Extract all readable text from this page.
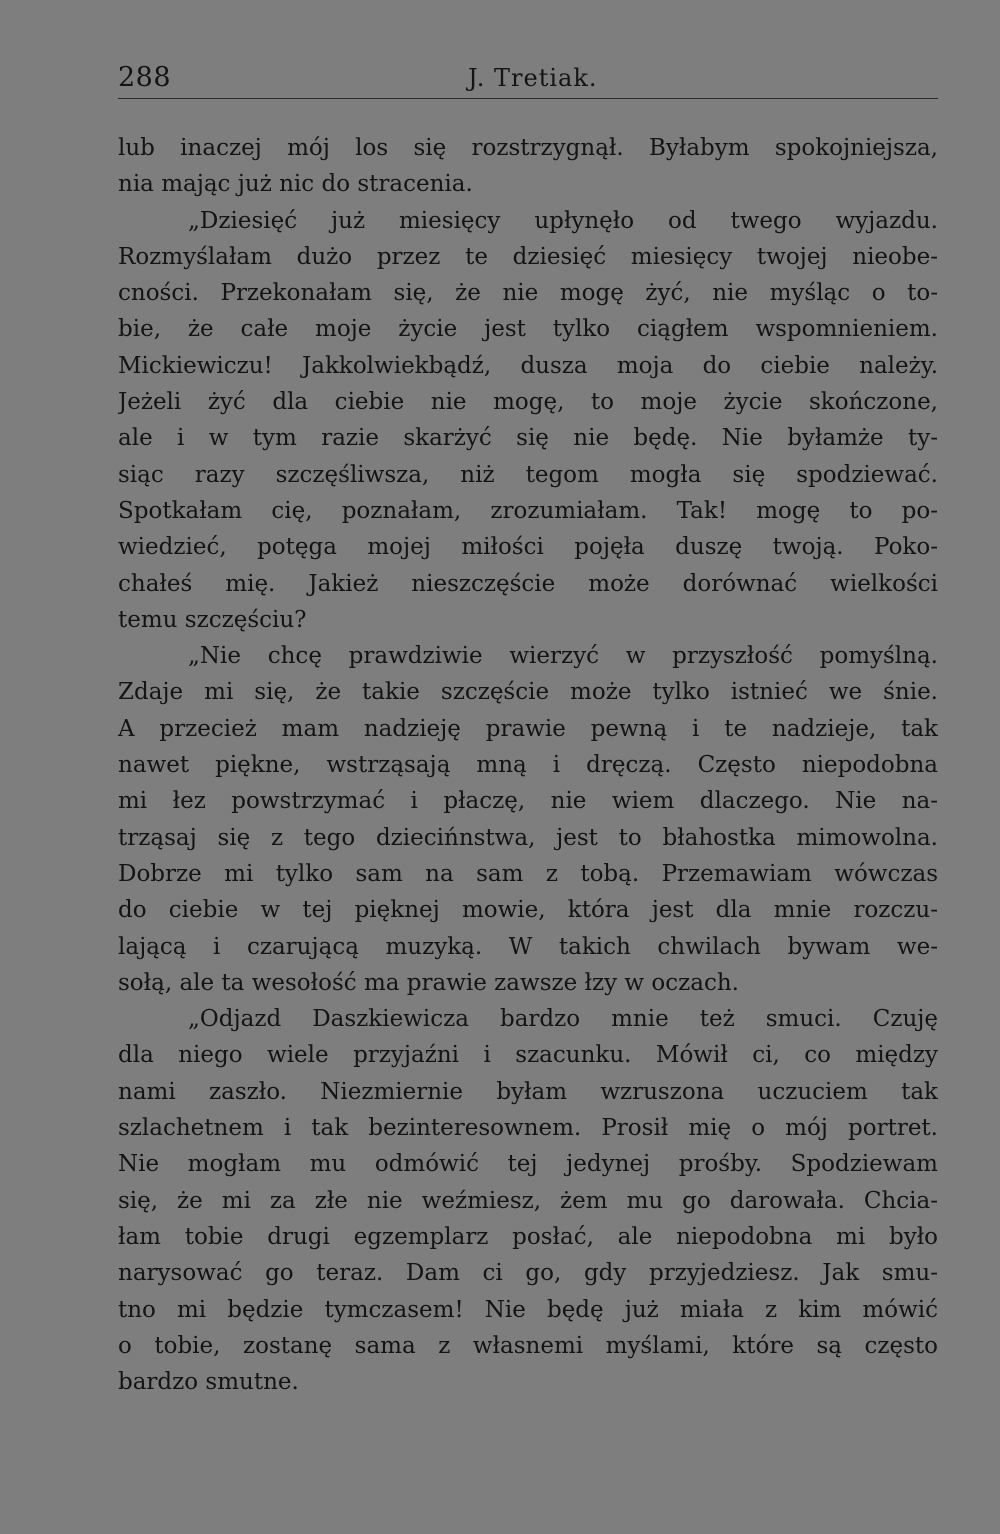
288	J. Tretiak.
lub inaczej mój los się rozstrzygnął. Byłabym spokojniejsza,
nia mając już nic do stracenia.
„Dziesięć już miesięcy upłynęło od twego wyjazdu.
Rozmyślałam dużo przez te dziesięć miesięcy twojej nieobe-
cności. Przekonałam się, że nie mogę żyć, nie myśląc o to-
bie, że całe moje życie jest tylko ciągłem wspomnieniem.
Mickiewiczu! Jakkolwiekbądź, dusza moja do ciebie należy.
Jeżeli żyć dla ciebie nie mogę, to moje życie skończone,
ale i w tym razie skarżyć się nie będę. Nie byłamże ty-
siąc razy szczęśliwsza, niż tegom mogła się spodziewać.
Spotkałam cię, poznałam, zrozumiałam. Tak! mogę to po-
wiedzieć, potęga mojej miłości pojęła duszę twoją. Poko-
chałeś mię. Jakież nieszczęście może dorównać wielkości
temu szczęściu?
„Nie chcę prawdziwie wierzyć w przyszłość pomyślną.
Zdaje mi się, że takie szczęście może tylko istnieć we śnie.
A przecież mam nadzieję prawie pewną i te nadzieje, tak
nawet piękne, wstrząsają mną i dręczą. Często niepodobna
mi łez powstrzymać i płaczę, nie wiem dlaczego. Nie na-
trząsaj się z tego dziecińnstwa, jest to błahostka mimowolna.
Dobrze mi tylko sam na sam z tobą. Przemawiam wówczas
do ciebie w tej pięknej mowie, która jest dla mnie rozczu-
lającą i czarującą muzyką. W takich chwilach bywam we-
sołą, ale ta wesołość ma prawie zawsze łzy w oczach.
„Odjazd Daszkiewicza bardzo mnie też smuci. Czuję
dla niego wiele przyjaźni i szacunku. Mówił ci, co między
nami zaszło. Niezmiernie byłam wzruszona uczuciem tak
szlachetnem i tak bezinteresownem. Prosił mię o mój portret.
Nie mogłam mu odmówić tej jedynej prośby. Spodziewam
się, że mi za złe nie weźmiesz, żem mu go darowała. Chcia-
łam tobie drugi egzemplarz posłać, ale niepodobna mi było
narysować go teraz. Dam ci go, gdy przyjedziesz. Jak smu-
tno mi będzie tymczasem! Nie będę już miała z kim mówić
o tobie, zostanę sama z własnemi myślami, które są często
bardzo smutne.
